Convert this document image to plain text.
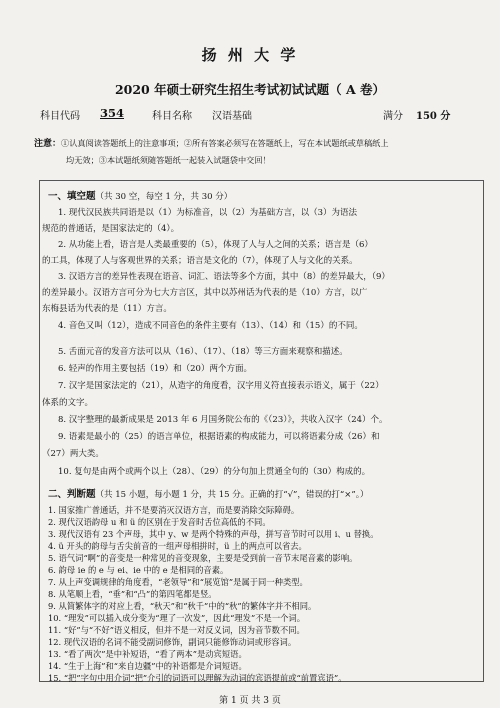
扬 州 大 学
2020 年硕士研究生招生考试初试试题（ A 卷）
科目代码 354	科目名称 汉语基础	满分 150 分
注意：①认真阅读答题纸上的注意事项；②所有答案必须写在答题纸上，写在本试题纸或草稿纸上
均无效；③本试题纸须随答题纸一起装入试题袋中交回！
一、填空题（共 30 空，每空 1 分，共 30 分）
1. 现代汉民族共同语是以（1）为标准音，以（2）为基础方言，以（3）为语法
规范的普通话，是国家法定的（4）。
2. 从功能上看，语言是人类最重要的（5），体现了人与人之间的关系；语言是（6）
的工具，体现了人与客观世界的关系；语言是文化的（7），体现了人与文化的关系。
3. 汉语方言的差异性表现在语音、词汇、语法等多个方面，其中（8）的差异最大，（9）
的差异最小。汉语方言可分为七大方言区，其中以苏州话为代表的是（10）方言，以广
东梅县话为代表的是（11）方言。
4. 音色又叫（12），造成不同音色的条件主要有（13）、（14）和（15）的不同。
5. 舌面元音的发音方法可以从（16）、（17）、（18）等三方面来观察和描述。
6. 轻声的作用主要包括（19）和（20）两个方面。
7. 汉字是国家法定的（21），从造字的角度看，汉字用义符直接表示语义，属于（22）
体系的文字。
8. 汉字整理的最新成果是 2013 年 6 月国务院公布的《（23）》，共收入汉字（24）个。
9. 语素是最小的（25）的语言单位，根据语素的构成能力，可以将语素分成（26）和
（27）两大类。
10. 复句是由两个或两个以上（28）、（29）的分句加上贯通全句的（30）构成的。
二、判断题（共 15 小题，每小题 1 分，共 15 分。正确的打“√”，错误的打“×”。）
1. 国家推广普通话，并不是要消灭汉语方言，而是要消除交际障碍。
2. 现代汉语韵母 u 和 ü 的区别在于发音时舌位高低的不同。
3. 现代汉语有 23 个声母，其中 y、w 是两个特殊的声母，拼写音节时可以用 i、u 替换。
4. ü 开头的韵母与舌尖前音的一组声母相拼时，ü 上的两点可以省去。
5. 语气词“啊”的音变是一种常见的音变现象，主要是受到前一音节末尾音素的影响。
6. 韵母 ie 的 e 与 ei、ie 中的 e 是相同的音素。
7. 从上声变调规律的角度看，“老领导”和“展览馆”是属于同一种类型。
8. 从笔顺上看，“垂”和“凸”的第四笔都是竖。
9. 从简繁体字的对应上看，“秋天”和“秋千”中的“秋”的繁体字并不相同。
10. “理发”可以插入成分变为“理了一次发”，因此“理发”不是一个词。
11. “好”与“不好”语义相反，但并不是一对反义词，因为音节数不同。
12. 现代汉语的名词不能受副词修饰，副词只能修饰动词或形容词。
13. “看了两次”是中补短语，“看了两本”是动宾短语。
14. “生于上海”和“来自边疆”中的补语都是介词短语。
15. “把”字句中用介词“把”介引的词语可以理解为动词的宾语提前或“前置宾语”。
第 1 页 共 3 页
